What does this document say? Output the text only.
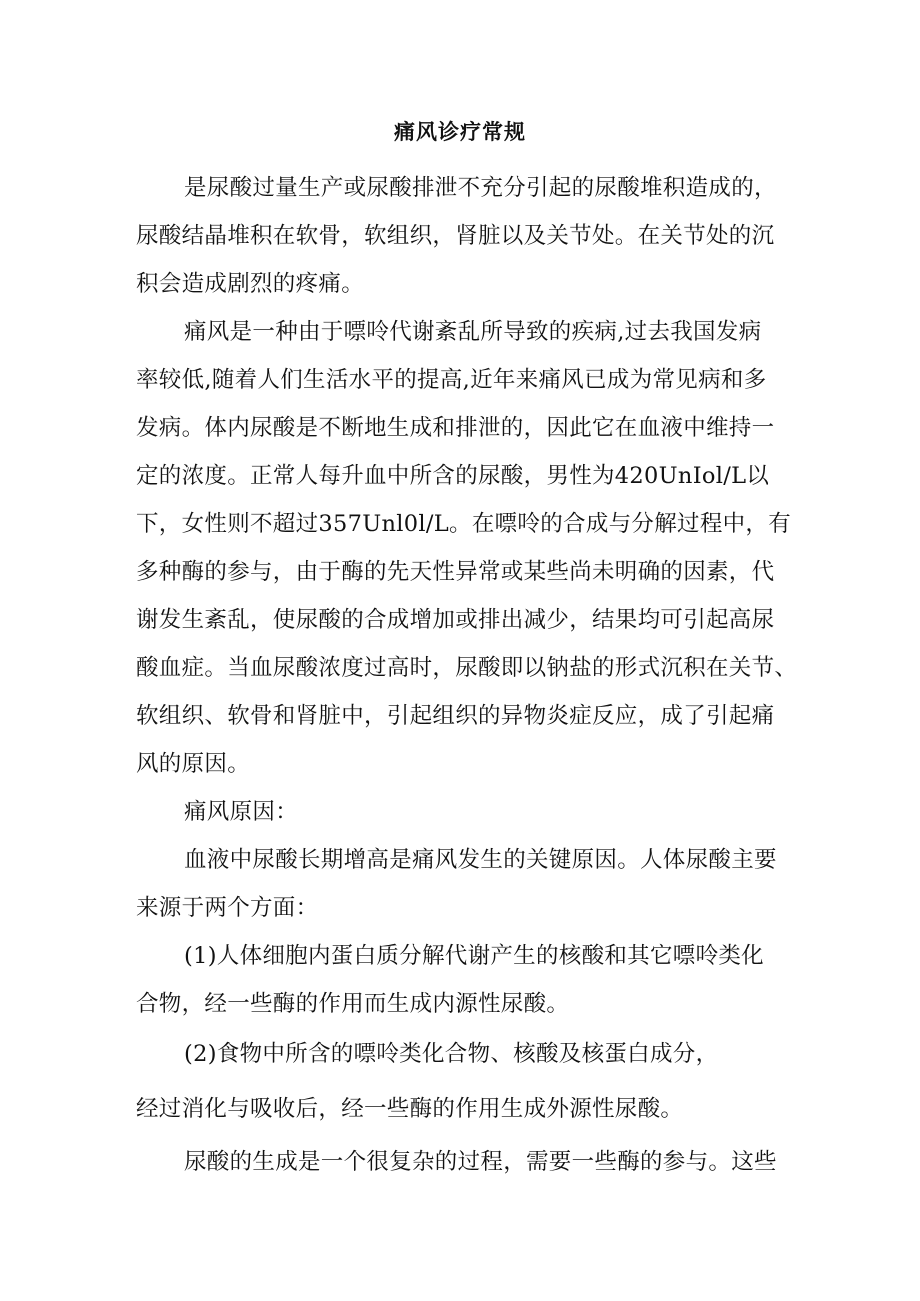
痛风诊疗常规
是尿酸过量生产或尿酸排泄不充分引起的尿酸堆积造成的，
尿酸结晶堆积在软骨，软组织，肾脏以及关节处。在关节处的沉
积会造成剧烈的疼痛。
痛风是一种由于嘌呤代谢紊乱所导致的疾病,过去我国发病
率较低,随着人们生活水平的提高,近年来痛风已成为常见病和多
发病。体内尿酸是不断地生成和排泄的，因此它在血液中维持一
定的浓度。正常人每升血中所含的尿酸，男性为420UnIol/L以
下，女性则不超过357Unl0l/L。在嘌呤的合成与分解过程中，有
多种酶的参与，由于酶的先天性异常或某些尚未明确的因素，代
谢发生紊乱，使尿酸的合成增加或排出减少，结果均可引起高尿
酸血症。当血尿酸浓度过高时，尿酸即以钠盐的形式沉积在关节、
软组织、软骨和肾脏中，引起组织的异物炎症反应，成了引起痛
风的原因。
痛风原因：
血液中尿酸长期增高是痛风发生的关键原因。人体尿酸主要
来源于两个方面：
(1)人体细胞内蛋白质分解代谢产生的核酸和其它嘌呤类化
合物，经一些酶的作用而生成内源性尿酸。
(2)食物中所含的嘌呤类化合物、核酸及核蛋白成分，
经过消化与吸收后，经一些酶的作用生成外源性尿酸。
尿酸的生成是一个很复杂的过程，需要一些酶的参与。这些
